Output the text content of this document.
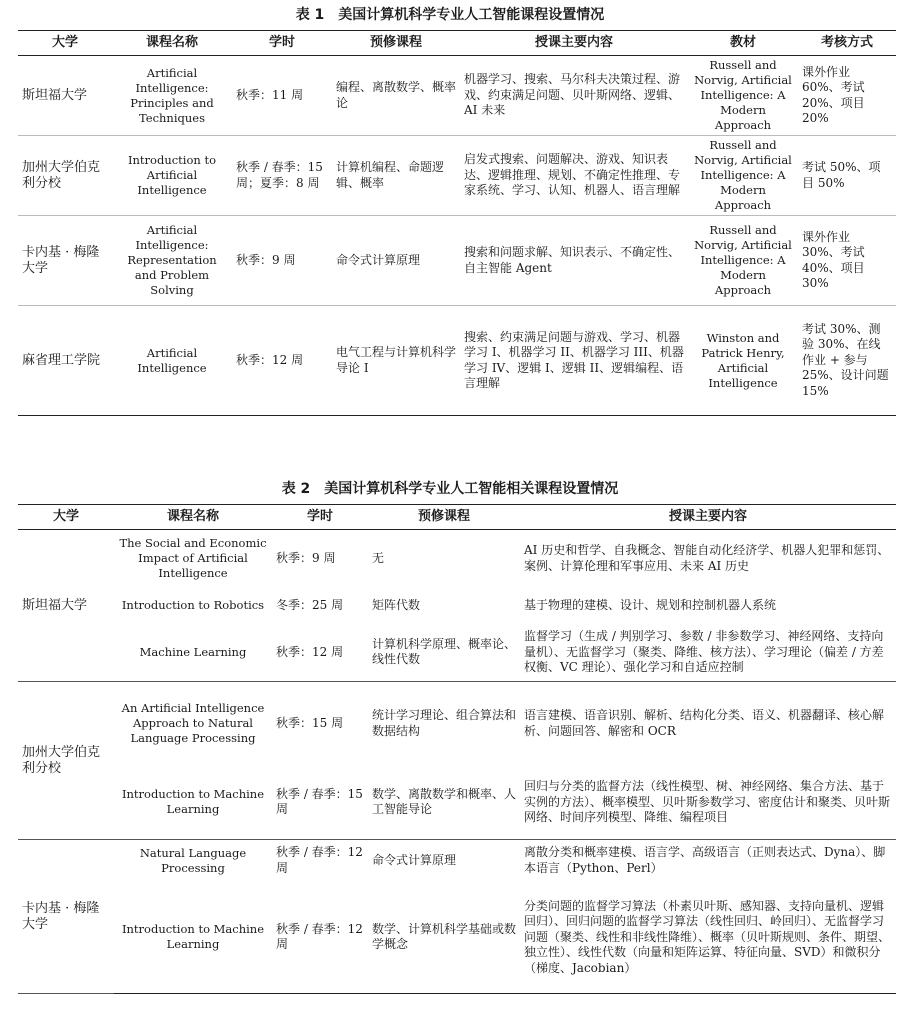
表 1　美国计算机科学专业人工智能课程设置情况
大学	课程名称	学时	预修课程	授课主要内容	教材	考核方式
斯坦福大学	Artificial Intelligence: Principles and Techniques	秋季：11 周	编程、离散数学、概率论	机器学习、搜索、马尔科夫决策过程、游戏、约束满足问题、贝叶斯网络、逻辑、AI 未来	Russell and Norvig, Artificial Intelligence: A Modern Approach	课外作业 60%、考试 20%、项目 20%
加州大学伯克利分校	Introduction to Artificial Intelligence	秋季 / 春季：15 周；夏季：8 周	计算机编程、命题逻辑、概率	启发式搜索、问题解决、游戏、知识表达、逻辑推理、规划、不确定性推理、专家系统、学习、认知、机器人、语言理解	Russell and Norvig, Artificial Intelligence: A Modern Approach	考试 50%、项目 50%
卡内基 · 梅隆大学	Artificial Intelligence: Representation and Problem Solving	秋季：9 周	命令式计算原理	搜索和问题求解、知识表示、不确定性、自主智能 Agent	Russell and Norvig, Artificial Intelligence: A Modern Approach	课外作业 30%、考试 40%、项目 30%
麻省理工学院	Artificial Intelligence	秋季：12 周	电气工程与计算机科学导论 I	搜索、约束满足问题与游戏、学习、机器学习 I、机器学习 II、机器学习 III、机器学习 IV、逻辑 I、逻辑 II、逻辑编程、语言理解	Winston and Patrick Henry, Artificial Intelligence	考试 30%、测验 30%、在线作业 + 参与 25%、设计问题 15%
表 2　美国计算机科学专业人工智能相关课程设置情况
大学	课程名称	学时	预修课程	授课主要内容
斯坦福大学	The Social and Economic Impact of Artificial Intelligence	秋季：9 周	无	AI 历史和哲学、自我概念、智能自动化经济学、机器人犯罪和惩罚、案例、计算伦理和军事应用、未来 AI 历史
	Introduction to Robotics	冬季：25 周	矩阵代数	基于物理的建模、设计、规划和控制机器人系统
	Machine Learning	秋季：12 周	计算机科学原理、概率论、线性代数	监督学习（生成 / 判别学习、参数 / 非参数学习、神经网络、支持向量机）、无监督学习（聚类、降维、核方法）、学习理论（偏差 / 方差权衡、VC 理论）、强化学习和自适应控制
加州大学伯克利分校	An Artificial Intelligence Approach to Natural Language Processing	秋季：15 周	统计学习理论、组合算法和数据结构	语言建模、语音识别、解析、结构化分类、语义、机器翻译、核心解析、问题回答、解密和 OCR
	Introduction to Machine Learning	秋季 / 春季：15 周	数学、离散数学和概率、人工智能导论	回归与分类的监督方法（线性模型、树、神经网络、集合方法、基于实例的方法）、概率模型、贝叶斯参数学习、密度估计和聚类、贝叶斯网络、时间序列模型、降维、编程项目
卡内基 · 梅隆大学	Natural Language Processing	秋季 / 春季：12 周	命令式计算原理	离散分类和概率建模、语言学、高级语言（正则表达式、Dyna）、脚本语言（Python、Perl）
	Introduction to Machine Learning	秋季 / 春季：12 周	数学、计算机科学基础或数学概念	分类问题的监督学习算法（朴素贝叶斯、感知器、支持向量机、逻辑回归）、回归问题的监督学习算法（线性回归、岭回归）、无监督学习问题（聚类、线性和非线性降维）、概率（贝叶斯规则、条件、期望、独立性）、线性代数（向量和矩阵运算、特征向量、SVD）和微积分（梯度、Jacobian）
